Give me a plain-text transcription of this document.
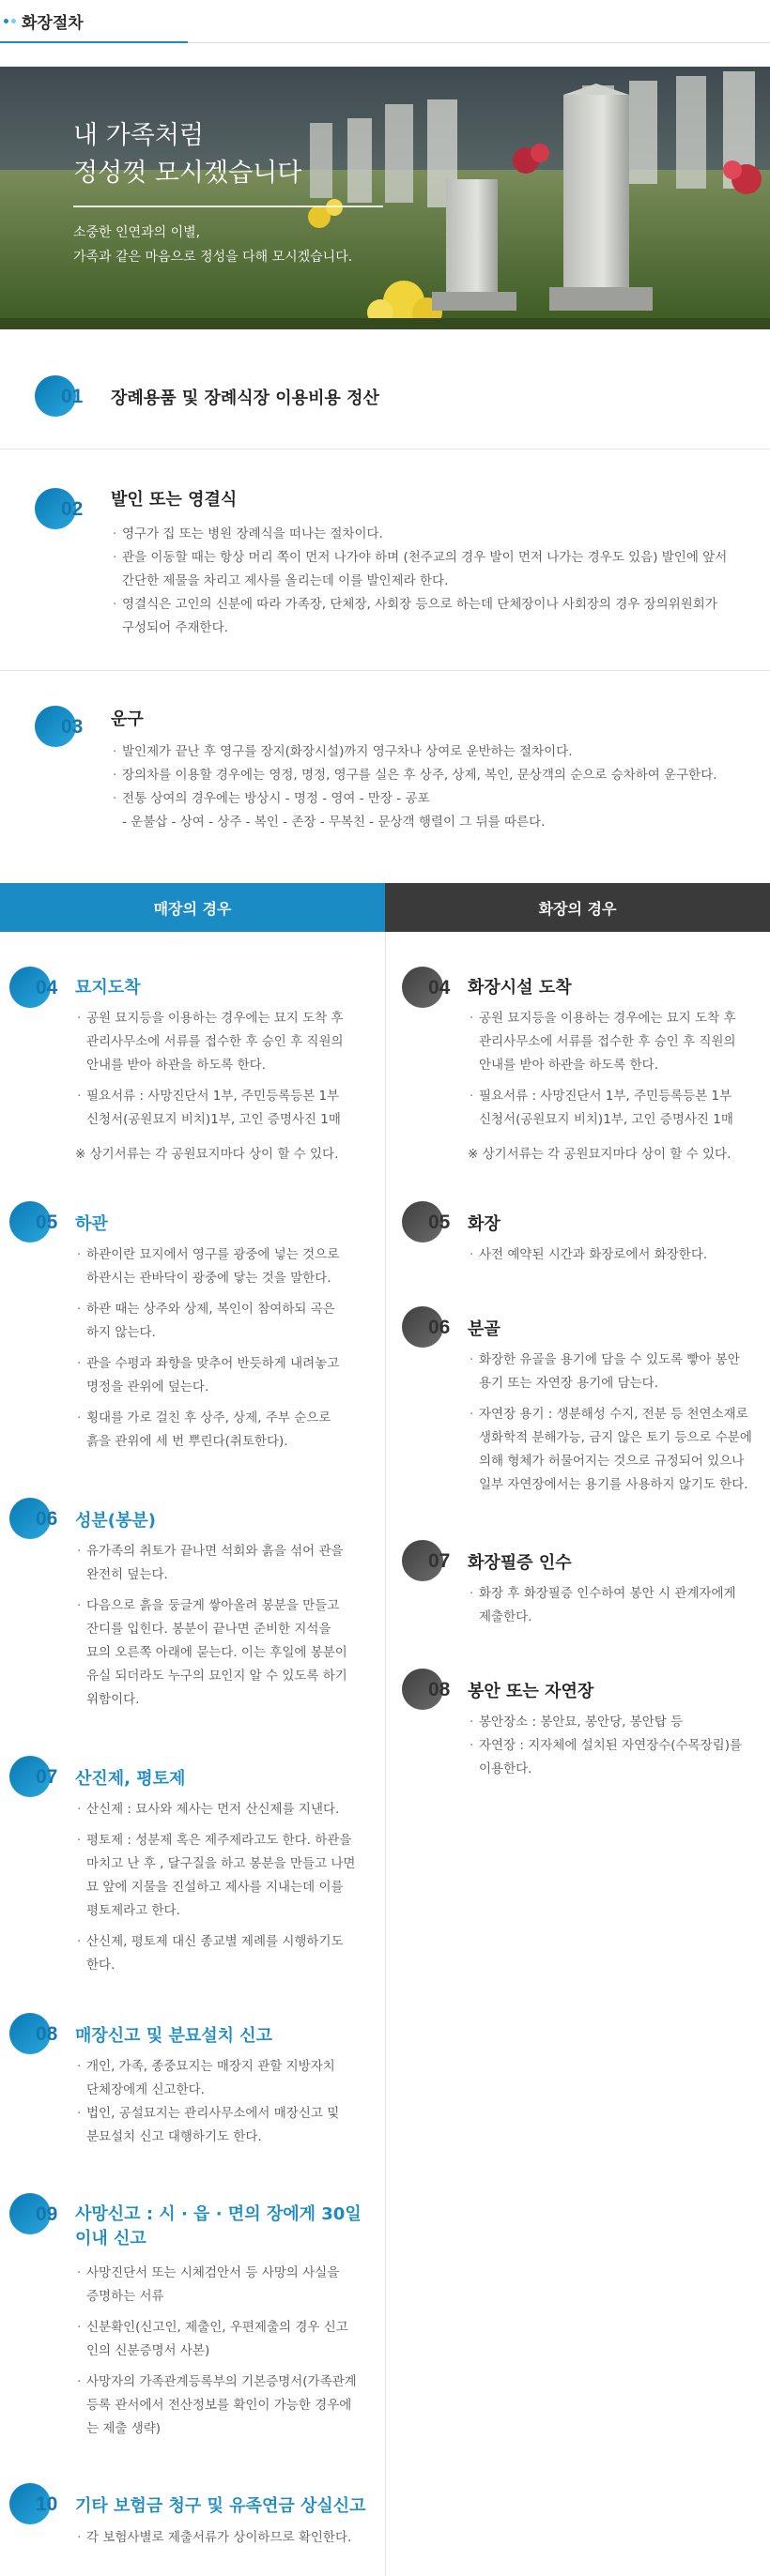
화장절차
내 가족처럼
정성껏 모시겠습니다
소중한 인연과의 이별,
가족과 같은 마음으로 정성을 다해 모시겠습니다.
01 장례용품 및 장례식장 이용비용 정산
02 발인 또는 영결식
· 영구가 집 또는 병원 장례식을 떠나는 절차이다.
· 관을 이동할 때는 항상 머리 쪽이 먼저 나가야 하며 (천주교의 경우 발이 먼저 나가는 경우도 있음) 발인에 앞서
간단한 제물을 차리고 제사를 올리는데 이를 발인제라 한다.
· 영결식은 고인의 신분에 따라 가족장, 단체장, 사회장 등으로 하는데 단체장이나 사회장의 경우 장의위원회가
구성되어 주재한다.
03 운구
· 발인제가 끝난 후 영구를 장지(화장시설)까지 영구차나 상여로 운반하는 절차이다.
· 장의차를 이용할 경우에는 영정, 명정, 영구를 실은 후 상주, 상제, 복인, 문상객의 순으로 승차하여 운구한다.
· 전통 상여의 경우에는 방상시 - 명정 - 영여 - 만장 - 공포
- 운불삽 - 상여 - 상주 - 복인 - 존장 - 무복친 - 문상객 행렬이 그 뒤를 따른다.
매장의 경우	화장의 경우
04 묘지도착
· 공원 묘지등을 이용하는 경우에는 묘지 도착 후
관리사무소에 서류를 접수한 후 승인 후 직원의
안내를 받아 하관을 하도록 한다.
· 필요서류 : 사망진단서 1부, 주민등록등본 1부
신청서(공원묘지 비치)1부, 고인 증명사진 1매
※ 상기서류는 각 공원묘지마다 상이 할 수 있다.
05 하관
· 하관이란 묘지에서 영구를 광중에 넣는 것으로
하관시는 관바닥이 광중에 닿는 것을 말한다.
· 하관 때는 상주와 상제, 복인이 참여하되 곡은
하지 않는다.
· 관을 수평과 좌향을 맞추어 반듯하게 내려놓고
명정을 관위에 덮는다.
· 횡대를 가로 걸친 후 상주, 상제, 주부 순으로
흙을 관위에 세 번 뿌린다(취토한다).
06 성분(봉분)
· 유가족의 취토가 끝나면 석회와 흙을 섞어 관을
완전히 덮는다.
· 다음으로 흙을 둥글게 쌓아올려 봉분을 만들고
잔디를 입힌다. 봉분이 끝나면 준비한 지석을
묘의 오른쪽 아래에 묻는다. 이는 후일에 봉분이
유실 되더라도 누구의 묘인지 알 수 있도록 하기
위함이다.
07 산진제, 평토제
· 산신제 : 묘사와 제사는 먼저 산신제를 지낸다.
· 평토제 : 성분제 혹은 제주제라고도 한다. 하관을
마치고 난 후 , 달구질을 하고 봉분을 만들고 나면
묘 앞에 지물을 진설하고 제사를 지내는데 이를
평토제라고 한다.
· 산신제, 평토제 대신 종교별 제례를 시행하기도
한다.
08 매장신고 및 분묘설치 신고
· 개인, 가족, 종중묘지는 매장지 관할 지방자치
단체장에게 신고한다.
· 법인, 공설묘지는 관리사무소에서 매장신고 및
분묘설치 신고 대행하기도 한다.
09 사망신고 : 시 · 읍 · 면의 장에게 30일
이내 신고
· 사망진단서 또는 시체검안서 등 사망의 사실을
증명하는 서류
· 신분확인(신고인, 제출인, 우편제출의 경우 신고
인의 신분증명서 사본)
· 사망자의 가족관계등록부의 기본증명서(가족관계
등록 관서에서 전산정보를 확인이 가능한 경우에
는 제출 생략)
10 기타 보험금 청구 및 유족연금 상실신고
· 각 보험사별로 제출서류가 상이하므로 확인한다.
04 화장시설 도착
· 공원 묘지등을 이용하는 경우에는 묘지 도착 후
관리사무소에 서류를 접수한 후 승인 후 직원의
안내를 받아 하관을 하도록 한다.
· 필요서류 : 사망진단서 1부, 주민등록등본 1부
신청서(공원묘지 비치)1부, 고인 증명사진 1매
※ 상기서류는 각 공원묘지마다 상이 할 수 있다.
05 화장
· 사전 예약된 시간과 화장로에서 화장한다.
06 분골
· 화장한 유골을 용기에 담을 수 있도록 빻아 봉안
용기 또는 자연장 용기에 담는다.
· 자연장 용기 : 생분해성 수지, 전분 등 천연소재로
생화학적 분해가능, 금지 않은 토기 등으로 수분에
의해 형체가 허물어지는 것으로 규정되어 있으나
일부 자연장에서는 용기를 사용하지 않기도 한다.
07 화장필증 인수
· 화장 후 화장필증 인수하여 봉안 시 관계자에게
제출한다.
08 봉안 또는 자연장
· 봉안장소 : 봉안묘, 봉안당, 봉안탑 등
· 자연장 : 지자체에 설치된 자연장수(수목장림)를
이용한다.
